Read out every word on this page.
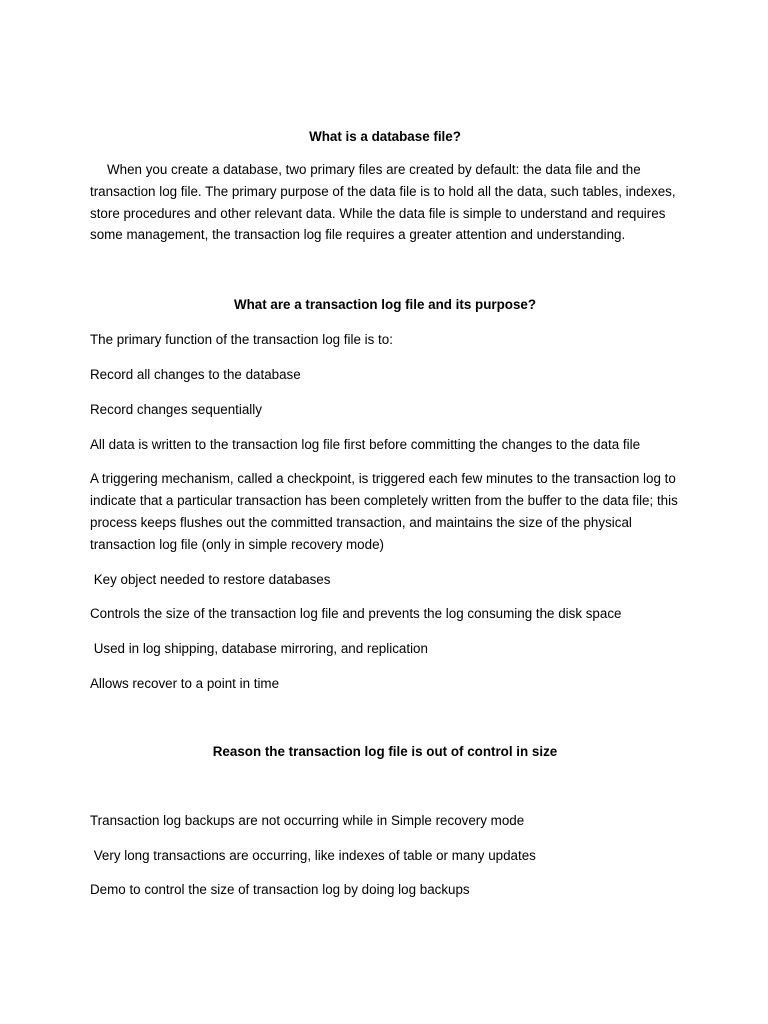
What is a database file?

When you create a database, two primary files are created by default: the data file and the transaction log file. The primary purpose of the data file is to hold all the data, such tables, indexes, store procedures and other relevant data. While the data file is simple to understand and requires some management, the transaction log file requires a greater attention and understanding.

What are a transaction log file and its purpose?

The primary function of the transaction log file is to:

Record all changes to the database

Record changes sequentially

All data is written to the transaction log file first before committing the changes to the data file

A triggering mechanism, called a checkpoint, is triggered each few minutes to the transaction log to indicate that a particular transaction has been completely written from the buffer to the data file; this process keeps flushes out the committed transaction, and maintains the size of the physical transaction log file (only in simple recovery mode)

Key object needed to restore databases

Controls the size of the transaction log file and prevents the log consuming the disk space

Used in log shipping, database mirroring, and replication

Allows recover to a point in time

Reason the transaction log file is out of control in size

Transaction log backups are not occurring while in Simple recovery mode

Very long transactions are occurring, like indexes of table or many updates

Demo to control the size of transaction log by doing log backups
